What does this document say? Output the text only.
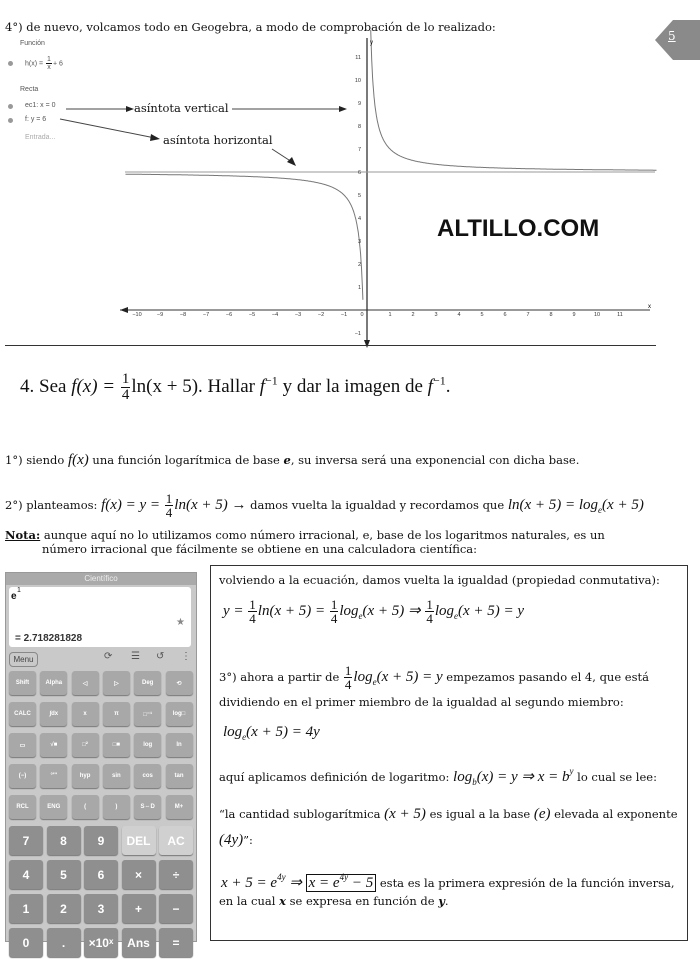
4°) de nuevo, volcamos todo en Geogebra, a modo de comprobación de lo realizado:
5
Función
$h(x) = \frac{1}{x} + 6$
Recta
ec1: x = 0
f: y = 6
Entrada...
−10	−9	−8	−7	−6	−5	−4	−3	−2	−1 0	1	2	3	4	5	6	7	8	9	10	11
−1
1
2
3
4
5
6
7
8
9
10
11
x
y
asíntota vertical
asíntota horizontal
ALTILLO.COM
4. Sea $f(x) = \frac{1}{4} \ln(x + 5)$. Hallar $f^{-1}$ y dar la imagen de $f^{-1}$.
1°) siendo f(x) una función logarítmica de base e, su inversa será una exponencial con dicha base.
2°) planteamos: $f(x) = y = \frac{1}{4} \ln(x + 5)$ → damos vuelta la igualdad y recordamos que $\ln(x + 5) = \log_e(x + 5)$
Nota: aunque aquí no lo utilizamos como número irracional, e, base de los logaritmos naturales, es un
número irracional que fácilmente se obtiene en una calculadora científica:
Científico
e
1
★
= 2.718281828
Menu	⟳ ☰ ↺ ⋮
Shift	Alpha	◁	▷	Deg	⟲
CALC	∫dx	x	π	□⁻¹	log□
▭	√■	□²	□■	log	ln
(−)	°'"	hyp	sin	cos	tan
RCL	ENG	(	)	S⇔D	M+
7	8	9	DEL	AC
4	5	6	×	÷
1	2	3	+	−
0	.	×10ˣ	Ans	=
volviendo a la ecuación, damos vuelta la igualdad (propiedad conmutativa):
$y = \frac{1}{4} \ln(x + 5) = \frac{1}{4} \log_e(x + 5)$ ⇒ $\frac{1}{4} \log_e(x + 5) = y$
3°) ahora a partir de $\frac{1}{4} \log_e(x + 5) = y$ empezamos pasando el 4, que está
dividiendo en el primer miembro de la igualdad al segundo miembro:
$\log_e(x + 5) = 4y$
aquí aplicamos definición de logaritmo: $\log_b(x) = y$ ⇒ $x = b^y$ lo cual se lee:
“la cantidad sublogarítmica (x + 5) es igual a la base (e) elevada al exponente
(4y)”:
$x + 5 = e^{4y}$ ⇒ $x = e^{4y} - 5$ esta es la primera expresión de la función inversa,
en la cual x se expresa en función de y.
